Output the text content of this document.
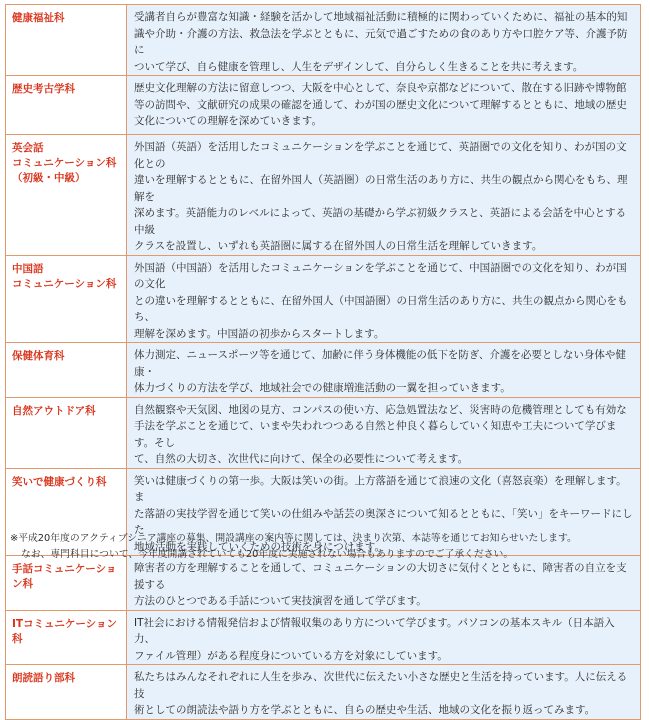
健康福祉科	受講者自らが豊富な知識・経験を活かして地域福祉活動に積極的に関わっていくために、福祉の基本的知
識や介助・介護の方法、救急法を学ぶとともに、元気で過ごすための食のあり方や口腔ケア等、介護予防に
ついて学び、自ら健康を管理し、人生をデザインして、自分らしく生きることを共に考えます。

歴史考古学科	歴史文化理解の方法に留意しつつ、大阪を中心として、奈良や京都などについて、散在する旧跡や博物館
等の訪問や、文献研究の成果の確認を通して、わが国の歴史文化について理解するとともに、地域の歴史
文化についての理解を深めていきます。

英会話
コミュニケーション科
（初級・中級）	外国語（英語）を活用したコミュニケーションを学ぶことを通じて、英語圏での文化を知り、わが国の文化との
違いを理解するとともに、在留外国人（英語圏）の日常生活のあり方に、共生の観点から関心をもち、理解を
深めます。英語能力のレベルによって、英語の基礎から学ぶ初級クラスと、英語による会話を中心とする中級
クラスを設置し、いずれも英語圏に属する在留外国人の日常生活を理解していきます。

中国語
コミュニケーション科	外国語（中国語）を活用したコミュニケーションを学ぶことを通じて、中国語圏での文化を知り、わが国の文化
との違いを理解するとともに、在留外国人（中国語圏）の日常生活のあり方に、共生の観点から関心をもち、
理解を深めます。中国語の初歩からスタートします。

保健体育科	体力測定、ニュースポーツ等を通じて、加齢に伴う身体機能の低下を防ぎ、介護を必要としない身体や健康・
体力づくりの方法を学び、地域社会での健康増進活動の一翼を担っていきます。

自然アウトドア科	自然観察や天気図、地図の見方、コンパスの使い方、応急処置法など、災害時の危機管理としても有効な
手法を学ぶことを通じて、いまや失われつつある自然と仲良く暮らしていく知恵や工夫について学びます。そし
て、自然の大切さ、次世代に向けて、保全の必要性について考えます。

笑いで健康づくり科	笑いは健康づくりの第一歩。大阪は笑いの街。上方落語を通じて浪速の文化（喜怒哀楽）を理解します。ま
た落語の実技学習を通じて笑いの仕組みや話芸の奥深さについて知るとともに、「笑い」をキーワードにした
地域活動を実践していくための技術を身につけます。

手話コミュニケーション科	障害者の方を理解することを通して、コミュニケーションの大切さに気付くとともに、障害者の自立を支援する
方法のひとつである手話について実技演習を通して学びます。

ITコミュニケーション科	IT社会における情報発信および情報収集のあり方について学びます。パソコンの基本スキル（日本語入力、
ファイル管理）がある程度身についている方を対象にしています。

朗読語り部科	私たちはみんなそれぞれに人生を歩み、次世代に伝えたい小さな歴史と生活を持っています。人に伝える技
術としての朗読法や語り方を学ぶとともに、自らの歴史や生活、地域の文化を振り返ってみます。
※平成20年度のアクティブシニア講座の募集、開設講座の案内等に関しては、決まり次第、本誌等を通じてお知らせいたします。
なお、専門科目について、今年度開講されていても20年度に実施されない場合もありますのでご了承ください。
